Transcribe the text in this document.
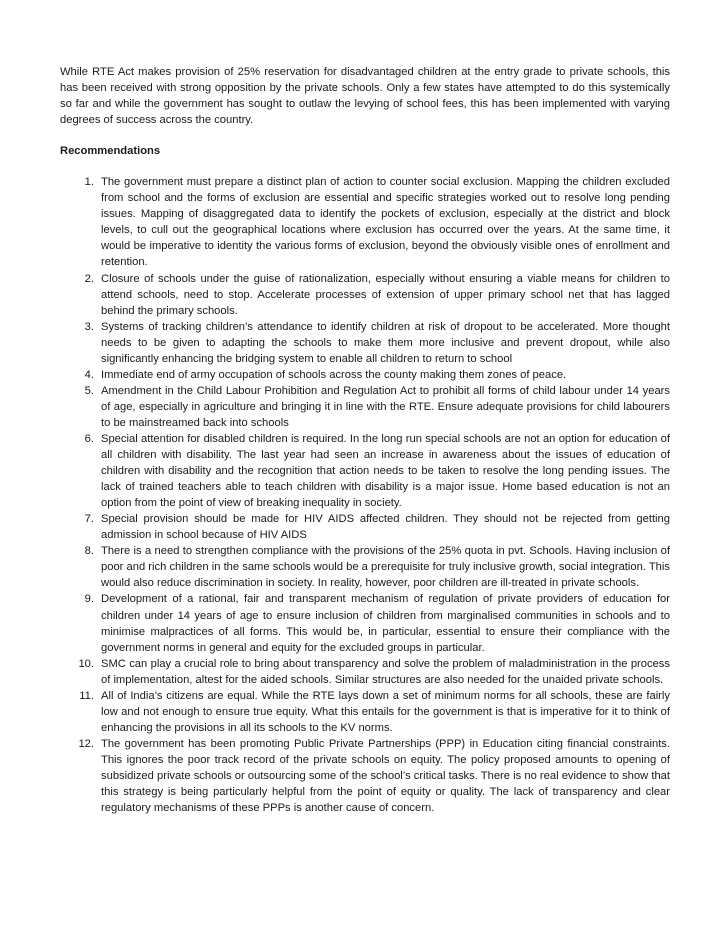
While RTE Act makes provision of 25% reservation for disadvantaged children at the entry grade to private schools, this has been received with strong opposition by the private schools. Only a few states have attempted to do this systemically so far and while the government has sought to outlaw the levying of school fees, this has been implemented with varying degrees of success across the country.

Recommendations
1. The government must prepare a distinct plan of action to counter social exclusion. Mapping the children excluded from school and the forms of exclusion are essential and specific strategies worked out to resolve long pending issues. Mapping of disaggregated data to identify the pockets of exclusion, especially at the district and block levels, to cull out the geographical locations where exclusion has occurred over the years. At the same time, it would be imperative to identity the various forms of exclusion, beyond the obviously visible ones of enrollment and retention.
2. Closure of schools under the guise of rationalization, especially without ensuring a viable means for children to attend schools, need to stop. Accelerate processes of extension of upper primary school net that has lagged behind the primary schools.
3. Systems of tracking children’s attendance to identify children at risk of dropout to be accelerated. More thought needs to be given to adapting the schools to make them more inclusive and prevent dropout, while also significantly enhancing the bridging system to enable all children to return to school
4. Immediate end of army occupation of schools across the county making them zones of peace.
5. Amendment in the Child Labour Prohibition and Regulation Act to prohibit all forms of child labour under 14 years of age, especially in agriculture and bringing it in line with the RTE. Ensure adequate provisions for child labourers to be mainstreamed back into schools
6. Special attention for disabled children is required. In the long run special schools are not an option for education of all children with disability. The last year had seen an increase in awareness about the issues of education of children with disability and the recognition that action needs to be taken to resolve the long pending issues. The lack of trained teachers able to teach children with disability is a major issue. Home based education is not an option from the point of view of breaking inequality in society.
7. Special provision should be made for HIV AIDS affected children. They should not be rejected from getting admission in school because of HIV AIDS
8. There is a need to strengthen compliance with the provisions of the 25% quota in pvt. Schools. Having inclusion of poor and rich children in the same schools would be a prerequisite for truly inclusive growth, social integration. This would also reduce discrimination in society. In reality, however, poor children are ill-treated in private schools.
9. Development of a rational, fair and transparent mechanism of regulation of private providers of education for children under 14 years of age to ensure inclusion of children from marginalised communities in schools and to minimise malpractices of all forms. This would be, in particular, essential to ensure their compliance with the government norms in general and equity for the excluded groups in particular.
10. SMC can play a crucial role to bring about transparency and solve the problem of maladministration in the process of implementation, altest for the aided schools. Similar structures are also needed for the unaided private schools.
11. All of India’s citizens are equal. While the RTE lays down a set of minimum norms for all schools, these are fairly low and not enough to ensure true equity. What this entails for the government is that is imperative for it to think of enhancing the provisions in all its schools to the KV norms.
12. The government has been promoting Public Private Partnerships (PPP) in Education citing financial constraints. This ignores the poor track record of the private schools on equity. The policy proposed amounts to opening of subsidized private schools or outsourcing some of the school’s critical tasks. There is no real evidence to show that this strategy is being particularly helpful from the point of equity or quality. The lack of transparency and clear regulatory mechanisms of these PPPs is another cause of concern.
